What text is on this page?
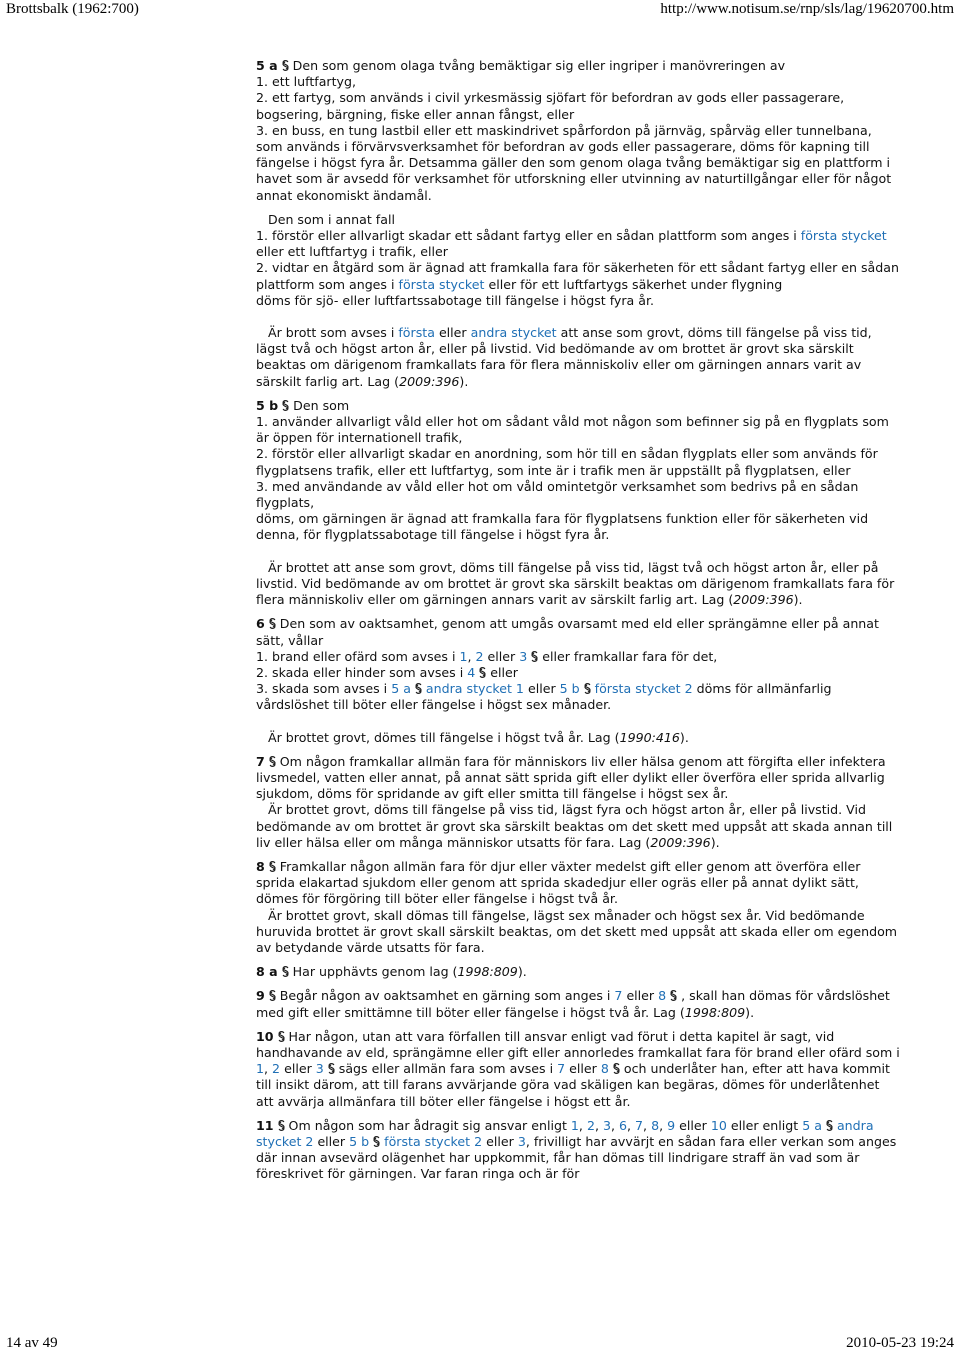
Brottsbalk (1962:700)	http://www.notisum.se/rnp/sls/lag/19620700.htm

5 a Den som genom olaga tvång bemäktigar sig eller ingriper i manövreringen av

1. ett luftfartyg,

2. ett fartyg, som används i civil yrkesmässig sjöfart för befordran av gods eller passagerare, bogsering, bärgning, fiske eller annan fångst, eller

3. en buss, en tung lastbil eller ett maskindrivet spårfordon på järnväg, spårväg eller tunnelbana, som används i förvärvsverksamhet för befordran av gods eller passagerare, döms för kapning till fängelse i högst fyra år. Detsamma gäller den som genom olaga tvång bemäktigar sig en plattform i havet som är avsedd för verksamhet för utforskning eller utvinning av naturtillgångar eller för något annat ekonomiskt ändamål.

Den som i annat fall

1. förstör eller allvarligt skadar ett sådant fartyg eller en sådan plattform som anges i första stycket eller ett luftfartyg i trafik, eller

2. vidtar en åtgärd som är ägnad att framkalla fara för säkerheten för ett sådant fartyg eller en sådan plattform som anges i första stycket eller för ett luftfartygs säkerhet under flygning

döms för sjö- eller luftfartssabotage till fängelse i högst fyra år.

Är brott som avses i första eller andra stycket att anse som grovt, döms till fängelse på viss tid, lägst två och högst arton år, eller på livstid. Vid bedömande av om brottet är grovt ska särskilt beaktas om därigenom framkallats fara för flera människoliv eller om gärningen annars varit av särskilt farlig art. Lag (2009:396).

5 b Den som

1. använder allvarligt våld eller hot om sådant våld mot någon som befinner sig på en flygplats som är öppen för internationell trafik,

2. förstör eller allvarligt skadar en anordning, som hör till en sådan flygplats eller som används för flygplatsens trafik, eller ett luftfartyg, som inte är i trafik men är uppställt på flygplatsen, eller

3. med användande av våld eller hot om våld omintetgör verksamhet som bedrivs på en sådan flygplats,

döms, om gärningen är ägnad att framkalla fara för flygplatsens funktion eller för säkerheten vid denna, för flygplatssabotage till fängelse i högst fyra år.

Är brottet att anse som grovt, döms till fängelse på viss tid, lägst två och högst arton år, eller på livstid. Vid bedömande av om brottet är grovt ska särskilt beaktas om därigenom framkallats fara för flera människoliv eller om gärningen annars varit av särskilt farlig art. Lag (2009:396).

6 Den som av oaktsamhet, genom att umgås ovarsamt med eld eller sprängämne eller på annat sätt, vållar

1. brand eller ofärd som avses i 1, 2 eller 3 eller framkallar fara för det,

2. skada eller hinder som avses i 4 eller

3. skada som avses i 5 a andra stycket 1 eller 5 b första stycket 2 döms för allmänfarlig vårdslöshet till böter eller fängelse i högst sex månader.

Är brottet grovt, dömes till fängelse i högst två år. Lag (1990:416).

7 Om någon framkallar allmän fara för människors liv eller hälsa genom att förgifta eller infektera livsmedel, vatten eller annat, på annat sätt sprida gift eller dylikt eller överföra eller sprida allvarlig sjukdom, döms för spridande av gift eller smitta till fängelse i högst sex år.

Är brottet grovt, döms till fängelse på viss tid, lägst fyra och högst arton år, eller på livstid. Vid bedömande av om brottet är grovt ska särskilt beaktas om det skett med uppsåt att skada annan till liv eller hälsa eller om många människor utsatts för fara. Lag (2009:396).

8 Framkallar någon allmän fara för djur eller växter medelst gift eller genom att överföra eller sprida elakartad sjukdom eller genom att sprida skadedjur eller ogräs eller på annat dylikt sätt, dömes för förgöring till böter eller fängelse i högst två år.

Är brottet grovt, skall dömas till fängelse, lägst sex månader och högst sex år. Vid bedömande huruvida brottet är grovt skall särskilt beaktas, om det skett med uppsåt att skada eller om egendom av betydande värde utsatts för fara.

8 a Har upphävts genom lag (1998:809).

9 Begår någon av oaktsamhet en gärning som anges i 7 eller 8 , skall han dömas för vårdslöshet med gift eller smittämne till böter eller fängelse i högst två år. Lag (1998:809).

10 Har någon, utan att vara förfallen till ansvar enligt vad förut i detta kapitel är sagt, vid handhavande av eld, sprängämne eller gift eller annorledes framkallat fara för brand eller ofärd som i 1, 2 eller 3 sägs eller allmän fara som avses i 7 eller 8 och underlåter han, efter att hava kommit till insikt därom, att till farans avvärjande göra vad skäligen kan begäras, dömes för underlåtenhet att avvärja allmänfara till böter eller fängelse i högst ett år.

11 Om någon som har ådragit sig ansvar enligt 1, 2, 3, 6, 7, 8, 9 eller 10 eller enligt 5 a andra stycket 2 eller 5 b första stycket 2 eller 3, frivilligt har avvärjt en sådan fara eller verkan som anges där innan avsevärd olägenhet har uppkommit, får han dömas till lindrigare straff än vad som är föreskrivet för gärningen. Var faran ringa och är för

14 av 49	2010-05-23 19:24
